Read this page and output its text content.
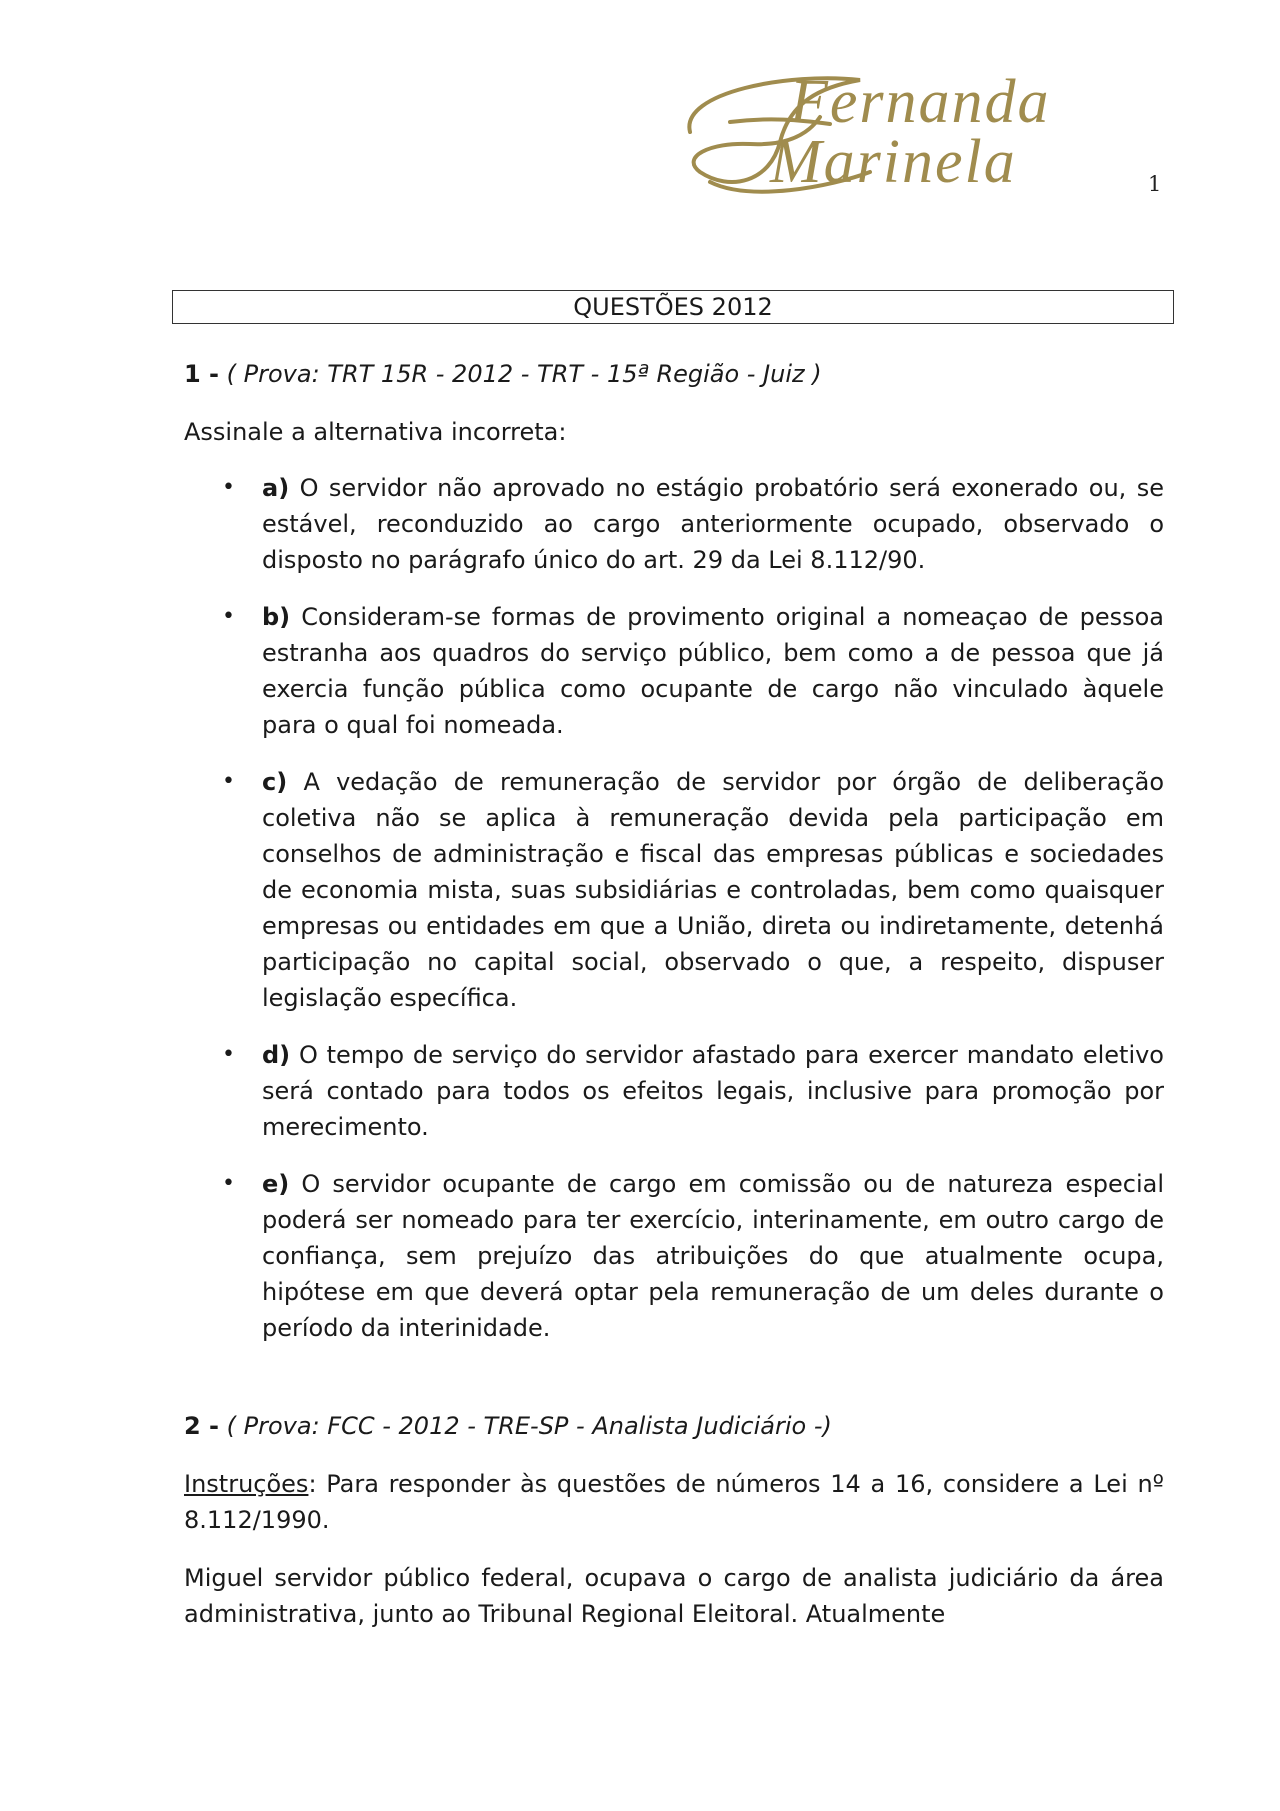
Fernanda
Marinela	1
QUESTÕES 2012

1 - ( Prova: TRT 15R - 2012 - TRT - 15ª Região - Juiz )

Assinale a alternativa incorreta:

• a) O servidor não aprovado no estágio probatório será exonerado ou, se estável, reconduzido ao cargo anteriormente ocupado, observado o disposto no parágrafo único do art. 29 da Lei 8.112/90.
• b) Consideram-se formas de provimento original a nomeaçao de pessoa estranha aos quadros do serviço público, bem como a de pessoa que já exercia função pública como ocupante de cargo não vinculado àquele para o qual foi nomeada.
• c) A vedação de remuneração de servidor por órgão de deliberação coletiva não se aplica à remuneração devida pela participação em conselhos de administração e fiscal das empresas públicas e sociedades de economia mista, suas subsidiárias e controladas, bem como quaisquer empresas ou entidades em que a União, direta ou indiretamente, detenhá participação no capital social, observado o que, a respeito, dispuser legislação específica.
• d) O tempo de serviço do servidor afastado para exercer mandato eletivo será contado para todos os efeitos legais, inclusive para promoção por merecimento.
• e) O servidor ocupante de cargo em comissão ou de natureza especial poderá ser nomeado para ter exercício, interinamente, em outro cargo de confiança, sem prejuízo das atribuições do que atualmente ocupa, hipótese em que deverá optar pela remuneração de um deles durante o período da interinidade.

2 - ( Prova: FCC - 2012 - TRE-SP - Analista Judiciário -)

Instruções: Para responder às questões de números 14 a 16, considere a Lei nº 8.112/1990.

Miguel servidor público federal, ocupava o cargo de analista judiciário da área administrativa, junto ao Tribunal Regional Eleitoral. Atualmente
